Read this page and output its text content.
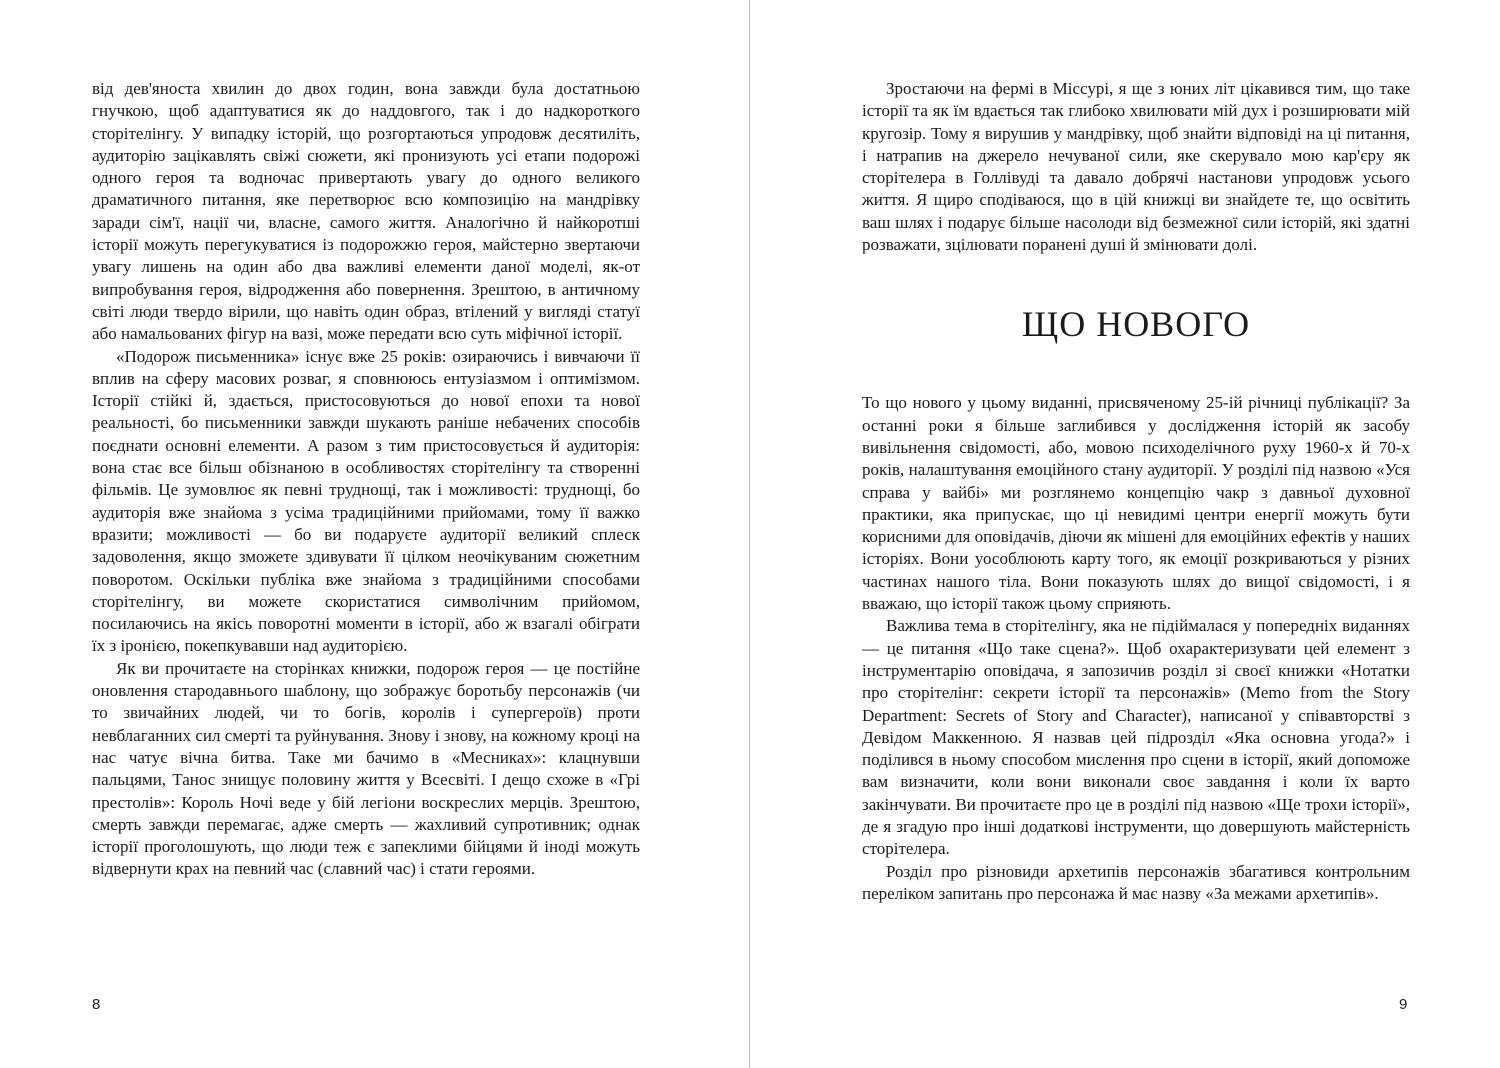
від дев'яноста хвилин до двох годин, вона завжди була достатньою гнучкою, щоб адаптуватися як до наддовгого, так і до надкороткого сторітелінгу. У випадку історій, що розгортаються упродовж десятиліть, аудиторію зацікавлять свіжі сюжети, які пронизують усі етапи подорожі одного героя та водночас привертають увагу до одного великого драматичного питання, яке перетворює всю композицію на мандрівку заради сім'ї, нації чи, власне, самого життя. Аналогічно й найкоротші історії можуть перегукуватися із подорожжю героя, майстерно звертаючи увагу лишень на один або два важливі елементи даної моделі, як-от випробування героя, відродження або повернення. Зрештою, в античному світі люди твердо вірили, що навіть один образ, втілений у вигляді статуї або намальованих фігур на вазі, може передати всю суть міфічної історії.

«Подорож письменника» існує вже 25 років: озираючись і вивчаючи її вплив на сферу масових розваг, я сповнююсь ентузіазмом і оптимізмом. Історії стійкі й, здається, пристосовуються до нової епохи та нової реальності, бо письменники завжди шукають раніше небачених способів поєднати основні елементи. А разом з тим пристосовується й аудиторія: вона стає все більш обізнаною в особливостях сторітелінгу та створенні фільмів. Це зумовлює як певні труднощі, так і можливості: труднощі, бо аудиторія вже знайома з усіма традиційними прийомами, тому її важко вразити; можливості — бо ви подаруєте аудиторії великий сплеск задоволення, якщо зможете здивувати її цілком неочікуваним сюжетним поворотом. Оскільки публіка вже знайома з традиційними способами сторітелінгу, ви можете скористатися символічним прийомом, посилаючись на якісь поворотні моменти в історії, або ж взагалі обіграти їх з іронією, покепкувавши над аудиторією.

Як ви прочитаєте на сторінках книжки, подорож героя — це постійне оновлення стародавнього шаблону, що зображує боротьбу персонажів (чи то звичайних людей, чи то богів, королів і супергероїв) проти невблаганних сил смерті та руйнування. Знову і знову, на кожному кроці на нас чатує вічна битва. Таке ми бачимо в «Месниках»: клацнувши пальцями, Танос знищує половину життя у Всесвіті. І дещо схоже в «Грі престолів»: Король Ночі веде у бій легіони воскреслих мерців. Зрештою, смерть завжди перемагає, адже смерть — жахливий супротивник; однак історії проголошують, що люди теж є запеклими бійцями й іноді можуть відвернути крах на певний час (славний час) і стати героями.

Зростаючи на фермі в Міссурі, я ще з юних літ цікавився тим, що таке історії та як їм вдається так глибоко хвилювати мій дух і розширювати мій кругозір. Тому я вирушив у мандрівку, щоб знайти відповіді на ці питання, і натрапив на джерело нечуваної сили, яке скерувало мою кар'єру як сторітелера в Голлівуді та давало добрячі настанови упродовж усього життя. Я щиро сподіваюся, що в цій книжці ви знайдете те, що освітить ваш шлях і подарує більше насолоди від безмежної сили історій, які здатні розважати, зцілювати поранені душі й змінювати долі.

ЩО НОВОГО

То що нового у цьому виданні, присвяченому 25-ій річниці публікації? За останні роки я більше заглибився у дослідження історій як засобу вивільнення свідомості, або, мовою психоделічного руху 1960-х й 70-х років, налаштування емоційного стану аудиторії. У розділі під назвою «Уся справа у вайбі» ми розглянемо концепцію чакр з давньої духовної практики, яка припускає, що ці невидимі центри енергії можуть бути корисними для оповідачів, діючи як мішені для емоційних ефектів у наших історіях. Вони уособлюють карту того, як емоції розкриваються у різних частинах нашого тіла. Вони показують шлях до вищої свідомості, і я вважаю, що історії також цьому сприяють.

Важлива тема в сторітелінгу, яка не підіймалася у попередніх виданнях — це питання «Що таке сцена?». Щоб охарактеризувати цей елемент з інструментарію оповідача, я запозичив розділ зі своєї книжки «Нотатки про сторітелінг: секрети історії та персонажів» (Memo from the Story Department: Secrets of Story and Character), написаної у співавторстві з Девідом Маккенною. Я назвав цей підрозділ «Яка основна угода?» і поділився в ньому способом мислення про сцени в історії, який допоможе вам визначити, коли вони виконали своє завдання і коли їх варто закінчувати. Ви прочитаєте про це в розділі під назвою «Ще трохи історії», де я згадую про інші додаткові інструменти, що довершують майстерність сторітелера.

Розділ про різновиди архетипів персонажів збагатився контрольним переліком запитань про персонажа й має назву «За межами архетипів».

8	9
